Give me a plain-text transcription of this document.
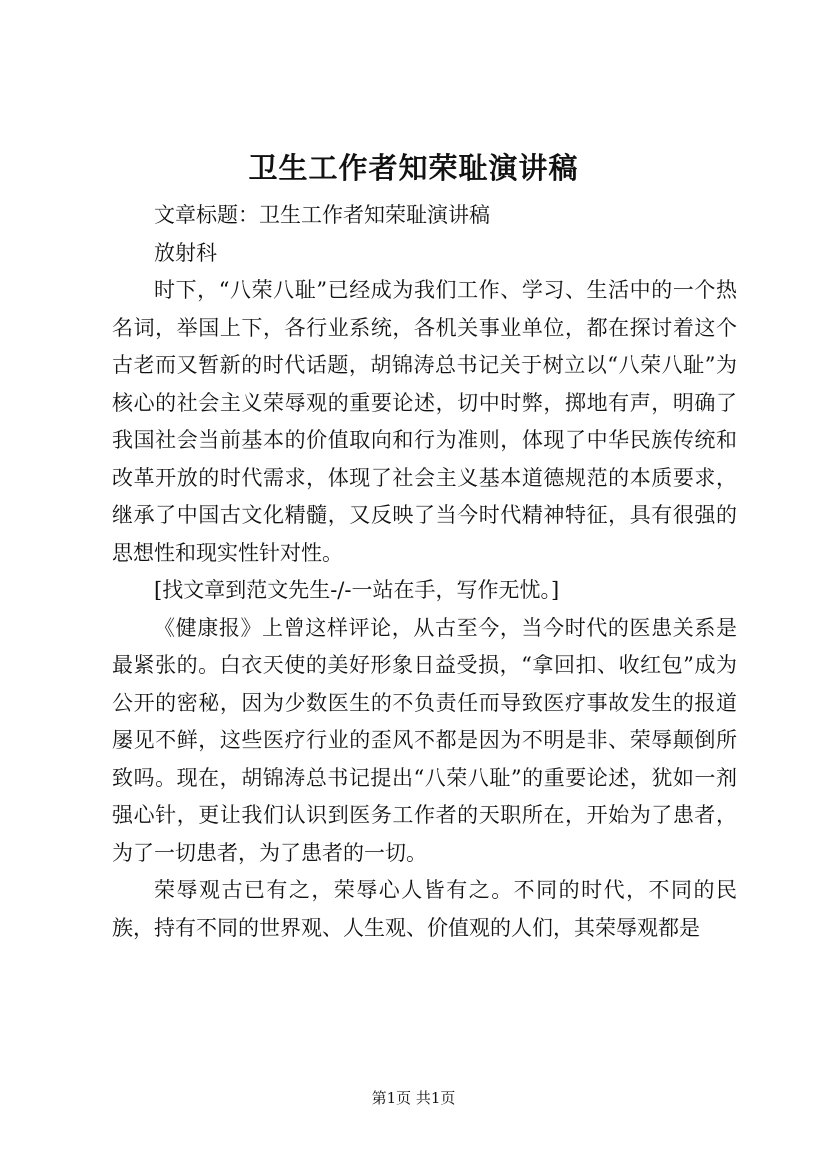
卫生工作者知荣耻演讲稿

文章标题：卫生工作者知荣耻演讲稿

放射科

时下，“八荣八耻”已经成为我们工作、学习、生活中的一个热名词，举国上下，各行业系统，各机关事业单位，都在探讨着这个古老而又暂新的时代话题，胡锦涛总书记关于树立以“八荣八耻”为核心的社会主义荣辱观的重要论述，切中时弊，掷地有声，明确了我国社会当前基本的价值取向和行为准则，体现了中华民族传统和改革开放的时代需求，体现了社会主义基本道德规范的本质要求，继承了中国古文化精髓，又反映了当今时代精神特征，具有很强的思想性和现实性针对性。

[找文章到范文先生-/-一站在手，写作无忧。]

《健康报》上曾这样评论，从古至今，当今时代的医患关系是最紧张的。白衣天使的美好形象日益受损，“拿回扣、收红包”成为公开的密秘，因为少数医生的不负责任而导致医疗事故发生的报道屡见不鲜，这些医疗行业的歪风不都是因为不明是非、荣辱颠倒所致吗。现在，胡锦涛总书记提出“八荣八耻”的重要论述，犹如一剂强心针，更让我们认识到医务工作者的天职所在，开始为了患者，为了一切患者，为了患者的一切。

荣辱观古已有之，荣辱心人皆有之。不同的时代，不同的民族，持有不同的世界观、人生观、价值观的人们，其荣辱观都是

第1页 共1页
